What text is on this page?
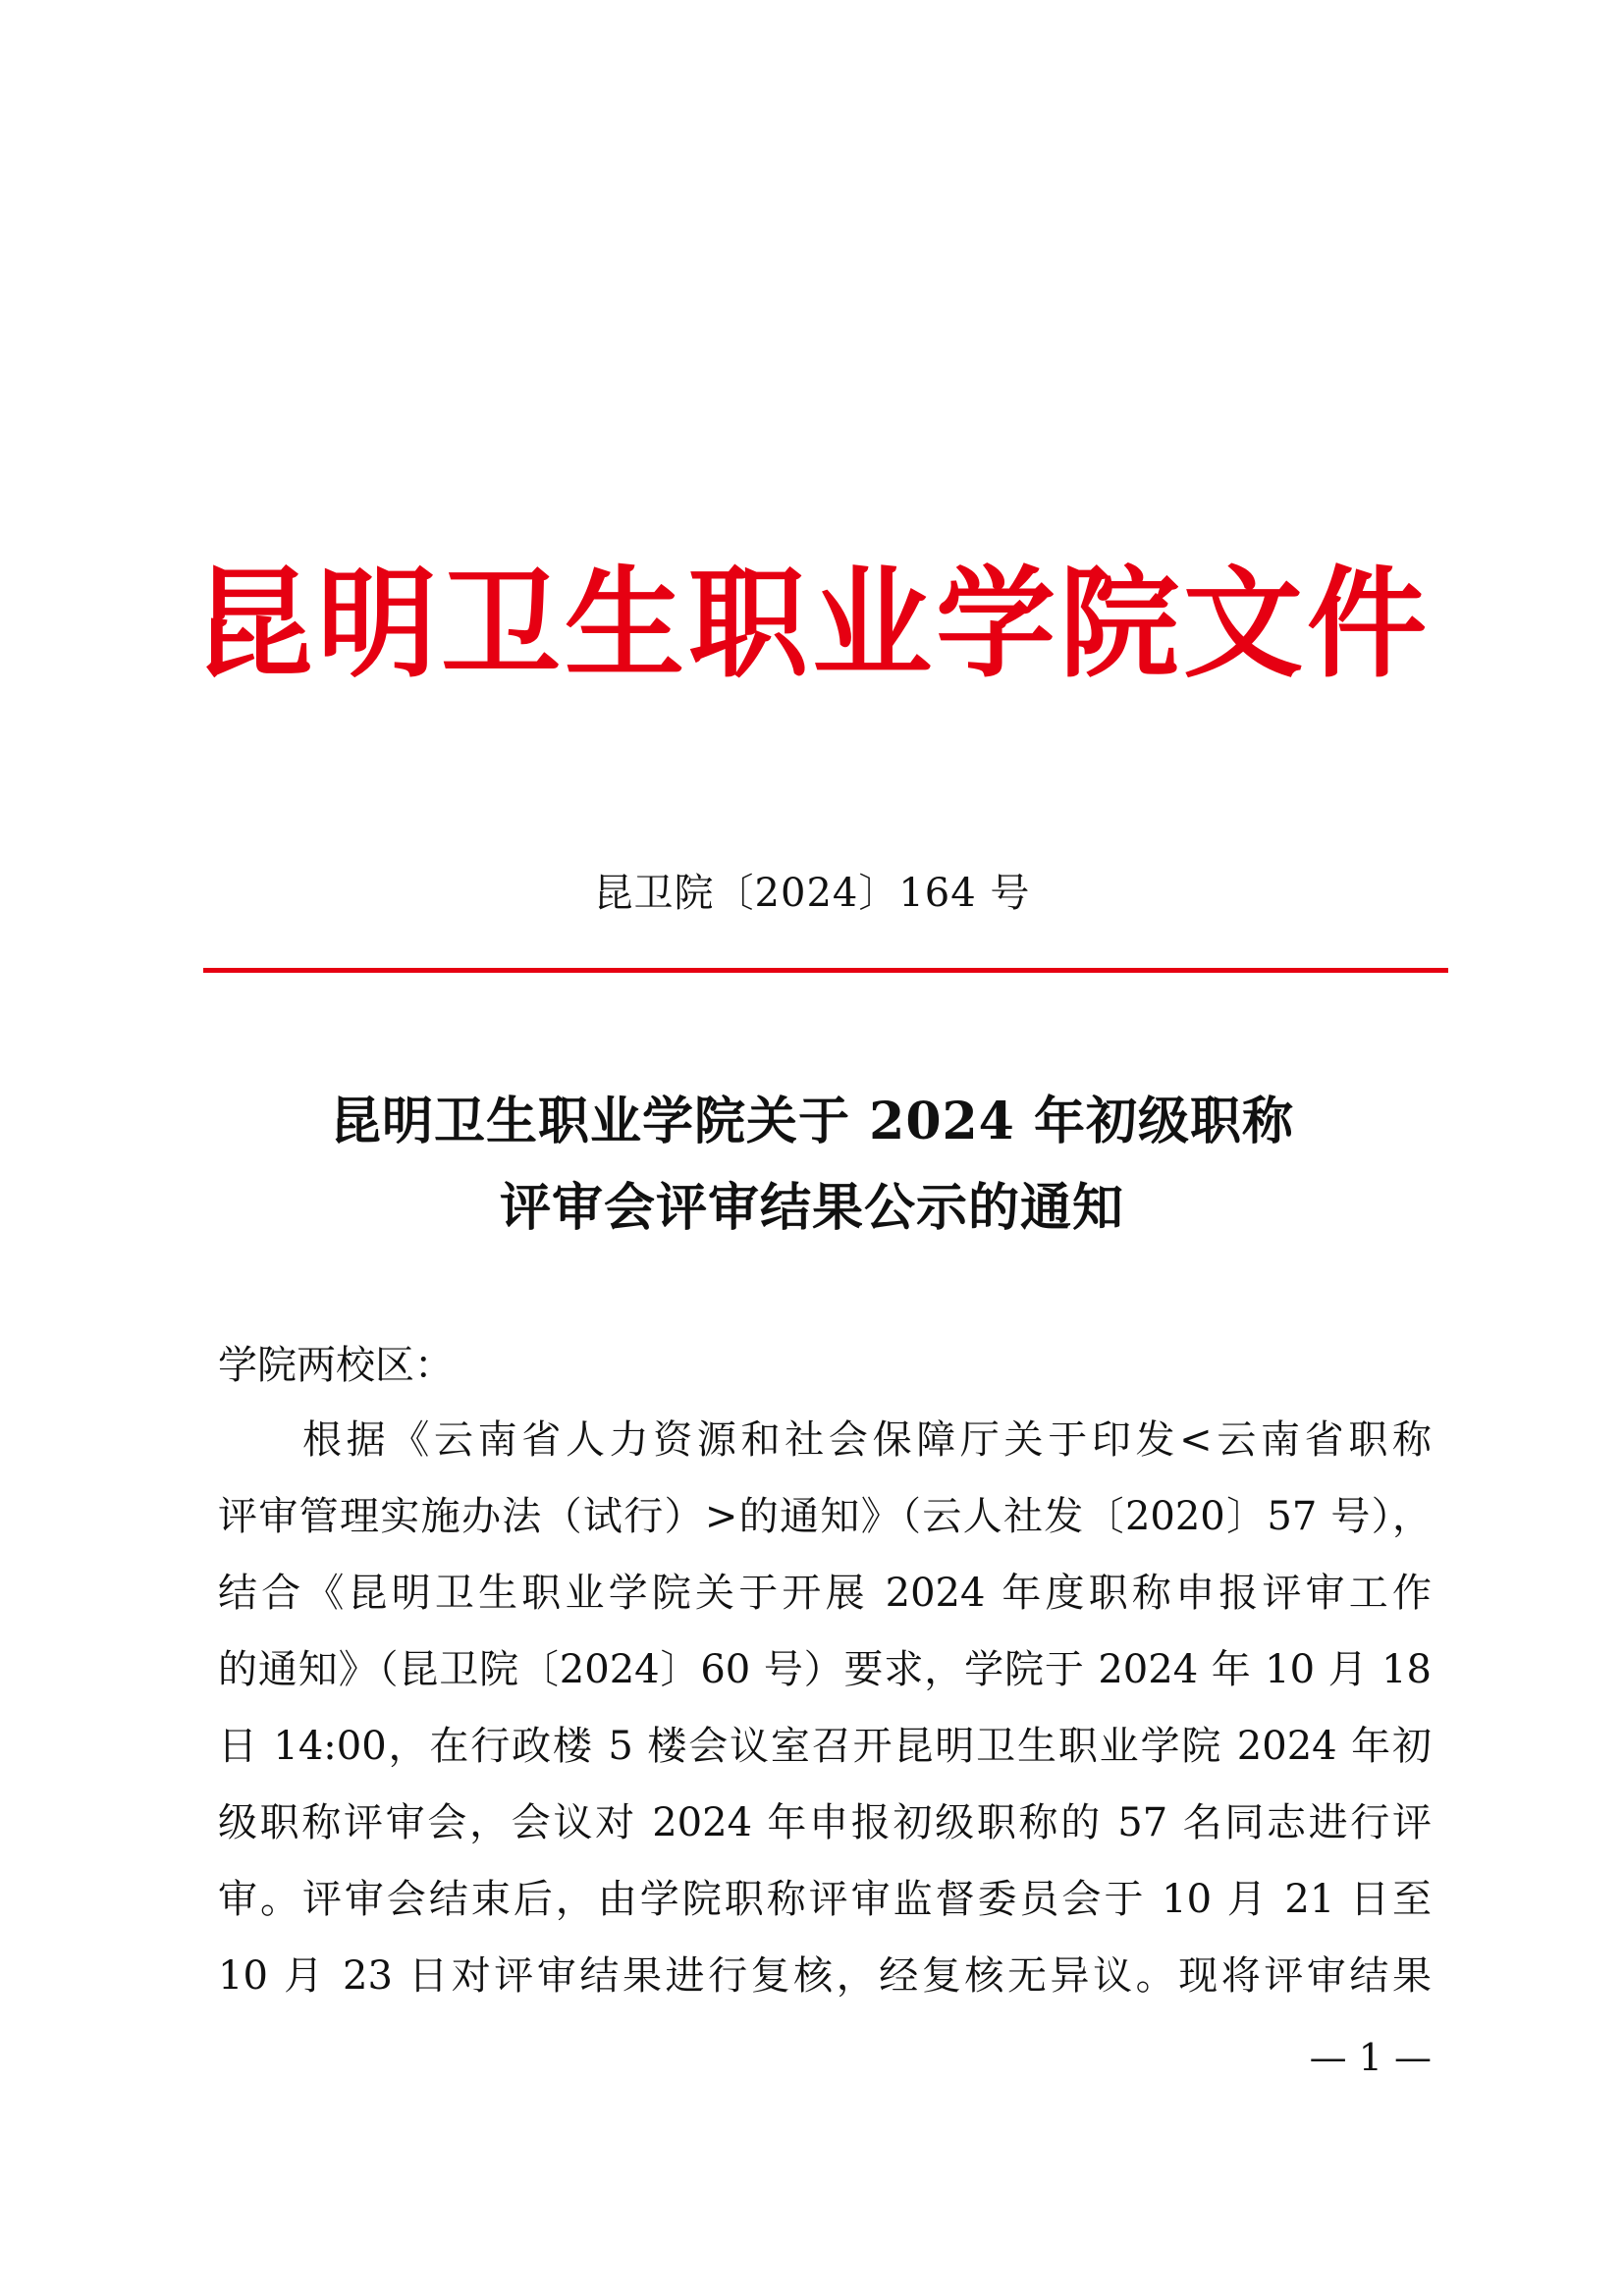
昆明卫生职业学院文件
昆卫院〔2024〕164 号
昆明卫生职业学院关于 2024 年初级职称
评审会评审结果公示的通知
学院两校区：
根据《云南省人力资源和社会保障厅关于印发<云南省职称
评审管理实施办法（试行）>的通知》（云人社发〔2020〕57 号），
结合《昆明卫生职业学院关于开展 2024 年度职称申报评审工作
的通知》（昆卫院〔2024〕60 号）要求，学院于 2024 年 10 月 18
日 14:00，在行政楼 5 楼会议室召开昆明卫生职业学院 2024 年初
级职称评审会，会议对 2024 年申报初级职称的 57 名同志进行评
审。评审会结束后，由学院职称评审监督委员会于 10 月 21 日至
10 月 23 日对评审结果进行复核，经复核无异议。现将评审结果
— 1 —
